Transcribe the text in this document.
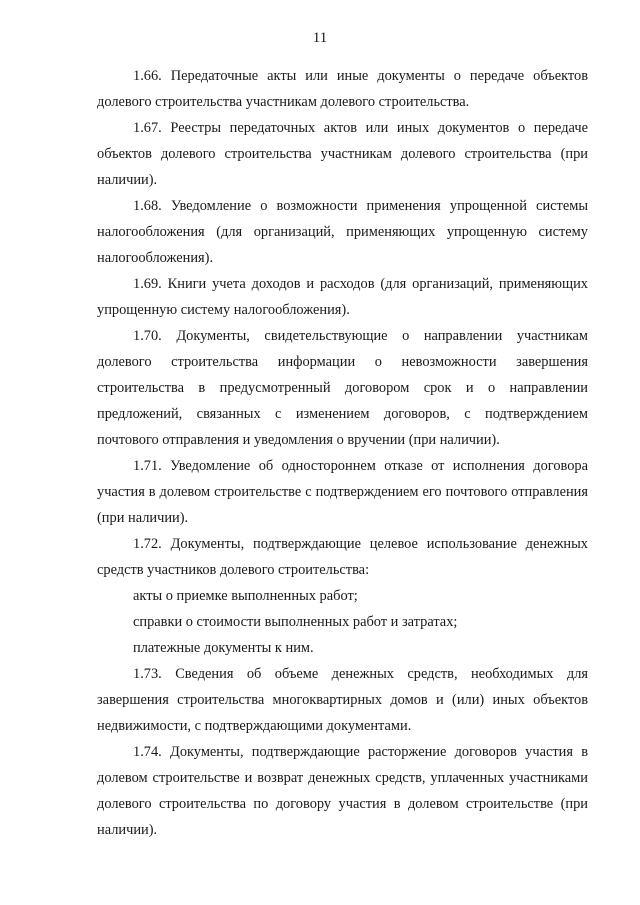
11

1.66. Передаточные акты или иные документы о передаче объектов долевого строительства участникам долевого строительства.

1.67. Реестры передаточных актов или иных документов о передаче объектов долевого строительства участникам долевого строительства (при наличии).

1.68. Уведомление о возможности применения упрощенной системы налогообложения (для организаций, применяющих упрощенную систему налогообложения).

1.69. Книги учета доходов и расходов (для организаций, применяющих упрощенную систему налогообложения).

1.70. Документы, свидетельствующие о направлении участникам долевого строительства информации о невозможности завершения строительства в предусмотренный договором срок и о направлении предложений, связанных с изменением договоров, с подтверждением почтового отправления и уведомления о вручении (при наличии).

1.71. Уведомление об одностороннем отказе от исполнения договора участия в долевом строительстве с подтверждением его почтового отправления (при наличии).

1.72. Документы, подтверждающие целевое использование денежных средств участников долевого строительства:

акты о приемке выполненных работ;

справки о стоимости выполненных работ и затратах;

платежные документы к ним.

1.73. Сведения об объеме денежных средств, необходимых для завершения строительства многоквартирных домов и (или) иных объектов недвижимости, с подтверждающими документами.

1.74. Документы, подтверждающие расторжение договоров участия в долевом строительстве и возврат денежных средств, уплаченных участниками долевого строительства по договору участия в долевом строительстве (при наличии).
